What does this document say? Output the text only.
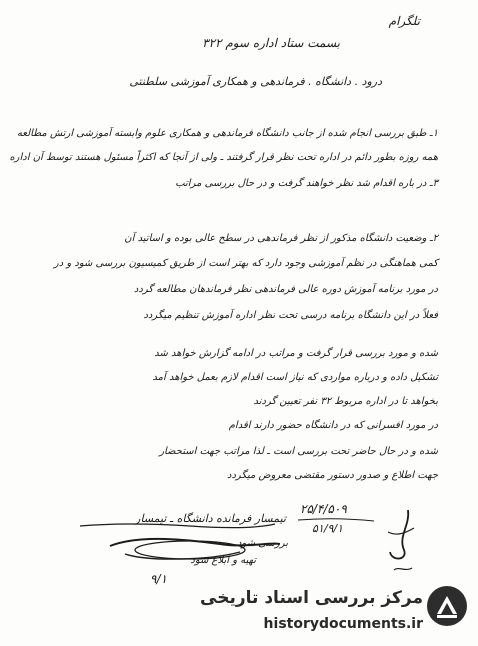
تلگرام
بسمت ستاد اداره سوم ۳۲۲
درود . دانشگاه . فرماندهی و همکاری آموزشی سلطنتی
۱ـ طبق بررسی انجام شده از جانب دانشگاه فرماندهی و همکاری علوم وابسته آموزشی ارتش مطالعه
همه روزه بطور دائم در اداره تحت نظر قرار گرفتند ـ ولی از آنجا که اکثراً مسئول هستند توسط آن اداره
۳ـ در باره اقدام شد نظر خواهند گرفت و در حال بررسی مراتب
۲ـ وضعیت دانشگاه مذکور از نظر فرماندهی در سطح عالی بوده و اساتید آن
کمی هماهنگی در نظم آموزشی وجود دارد که بهتر است از طریق کمیسیون بررسی شود و در
در مورد برنامه آموزش دوره عالی فرماندهی نظر فرماندهان مطالعه گردد
فعلاً در این دانشگاه برنامه درسی تحت نظر اداره آموزش تنظیم میگردد
شده و مورد بررسی قرار گرفت و مراتب در ادامه گزارش خواهد شد
تشکیل داده و درباره مواردی که نیاز است اقدام لازم بعمل خواهد آمد
بخواهد تا در اداره مربوط ۳۲ نفر تعیین گردند
در مورد افسرانی که در دانشگاه حضور دارند اقدام
شده و در حال حاضر تحت بررسی است ـ لذا مراتب جهت استحضار
جهت اطلاع و صدور دستور مقتضی معروض میگردد
۲۵/۴/۵۰۹
۵۱/۹/۱
تیمسار فرمانده دانشگاه ـ تیمسار
بررسی شود
تهیه و ابلاغ شود
۹/۱
مرکز بررسی اسناد تاریخی
historydocuments.ir
